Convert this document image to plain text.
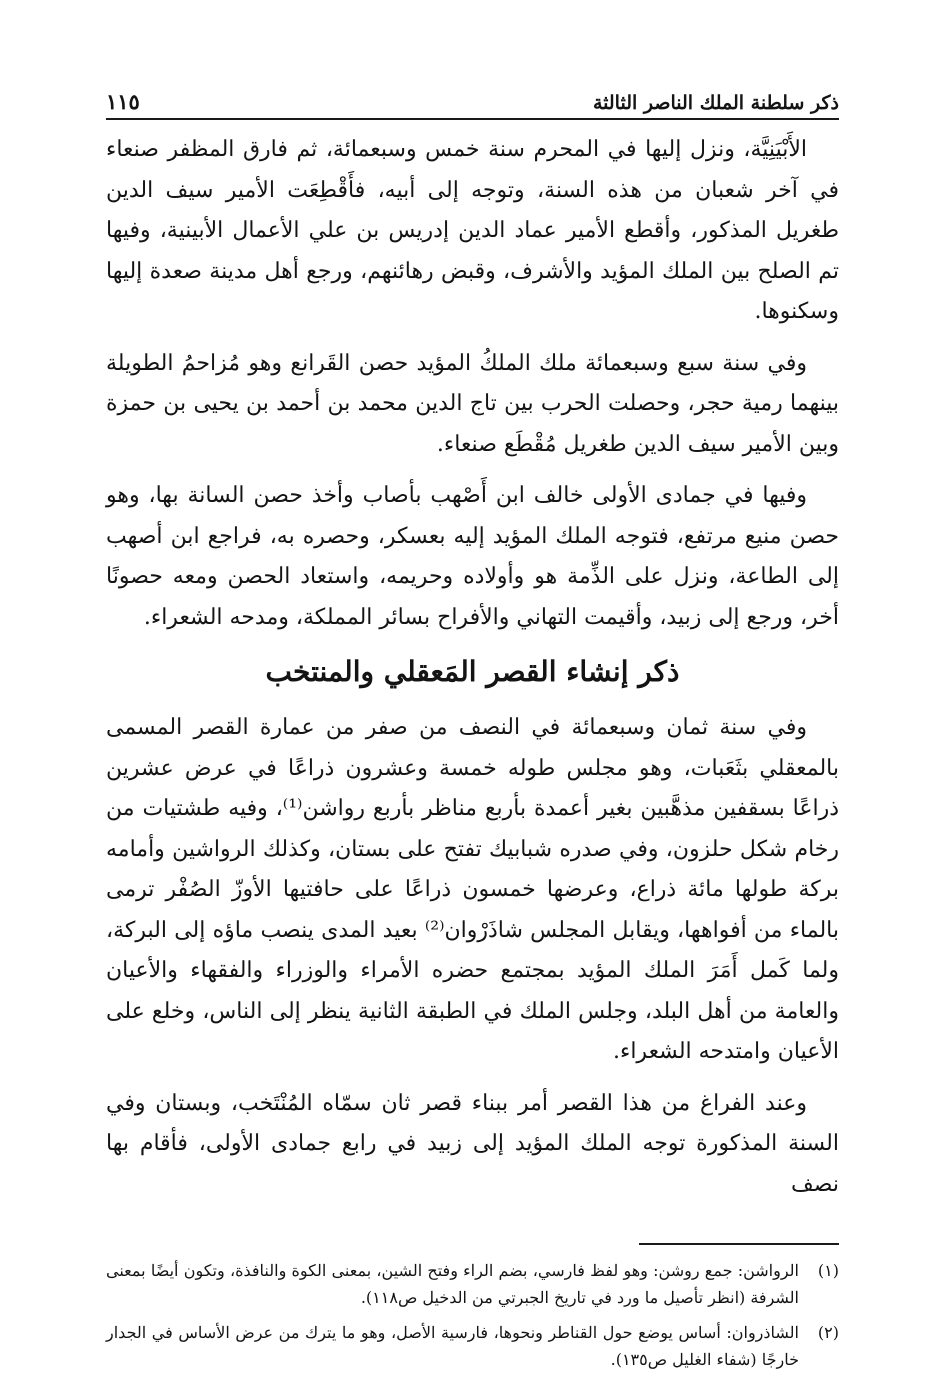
ذكر سلطنة الملك الناصر الثالثة
١١٥

الأَبْيَنِيَّة، ونزل إليها في المحرم سنة خمس وسبعمائة، ثم فارق المظفر صنعاء في آخر شعبان من هذه السنة، وتوجه إلى أبيه، فأَقْطِعَت الأمير سيف الدين طغريل المذكور، وأقطع الأمير عماد الدين إدريس بن علي الأعمال الأبينية، وفيها تم الصلح بين الملك المؤيد والأشرف، وقبض رهائنهم، ورجع أهل مدينة صعدة إليها وسكنوها.

وفي سنة سبع وسبعمائة ملك الملكُ المؤيد حصن القَرانع وهو مُزاحمُ الطويلة بينهما رمية حجر، وحصلت الحرب بين تاج الدين محمد بن أحمد بن يحيى بن حمزة وبين الأمير سيف الدين طغريل مُقْطَع صنعاء.

وفيها في جمادى الأولى خالف ابن أَصْهب بأصاب وأخذ حصن السانة بها، وهو حصن منيع مرتفع، فتوجه الملك المؤيد إليه بعسكر، وحصره به، فراجع ابن أصهب إلى الطاعة، ونزل على الذِّمة هو وأولاده وحريمه، واستعاد الحصن ومعه حصونًا أخر، ورجع إلى زبيد، وأقيمت التهاني والأفراح بسائر المملكة، ومدحه الشعراء.

ذكر إنشاء القصر المَعقلي والمنتخب

وفي سنة ثمان وسبعمائة في النصف من صفر من عمارة القصر المسمى بالمعقلي بثَعَبات، وهو مجلس طوله خمسة وعشرون ذراعًا في عرض عشرين ذراعًا بسقفين مذهَّبين بغير أعمدة بأربع مناظر بأربع رواشن⁽¹⁾، وفيه طشتيات من رخام شكل حلزون، وفي صدره شبابيك تفتح على بستان، وكذلك الرواشين وأمامه بركة طولها مائة ذراع، وعرضها خمسون ذراعًا على حافتيها الأوزّ الصُفْر ترمى بالماء من أفواهها، ويقابل المجلس شاذَرْوان⁽²⁾ بعيد المدى ينصب ماؤه إلى البركة، ولما كَمل أَمَرَ الملك المؤيد بمجتمع حضره الأمراء والوزراء والفقهاء والأعيان والعامة من أهل البلد، وجلس الملك في الطبقة الثانية ينظر إلى الناس، وخلع على الأعيان وامتدحه الشعراء.

وعند الفراغ من هذا القصر أمر ببناء قصر ثان سمّاه المُنْتَخب، وبستان وفي السنة المذكورة توجه الملك المؤيد إلى زبيد في رابع جمادى الأولى، فأقام بها نصف

(١)
الرواشن: جمع روشن: وهو لفظ فارسي، بضم الراء وفتح الشين، بمعنى الكوة والنافذة، وتكون أيضًا بمعنى الشرفة (انظر تأصيل ما ورد في تاريخ الجبرتي من الدخيل ص١١٨).
(٢)
الشاذروان: أساس يوضع حول القناطر ونحوها، فارسية الأصل، وهو ما يترك من عرض الأساس في الجدار خارجًا (شفاء الغليل ص١٣٥).
